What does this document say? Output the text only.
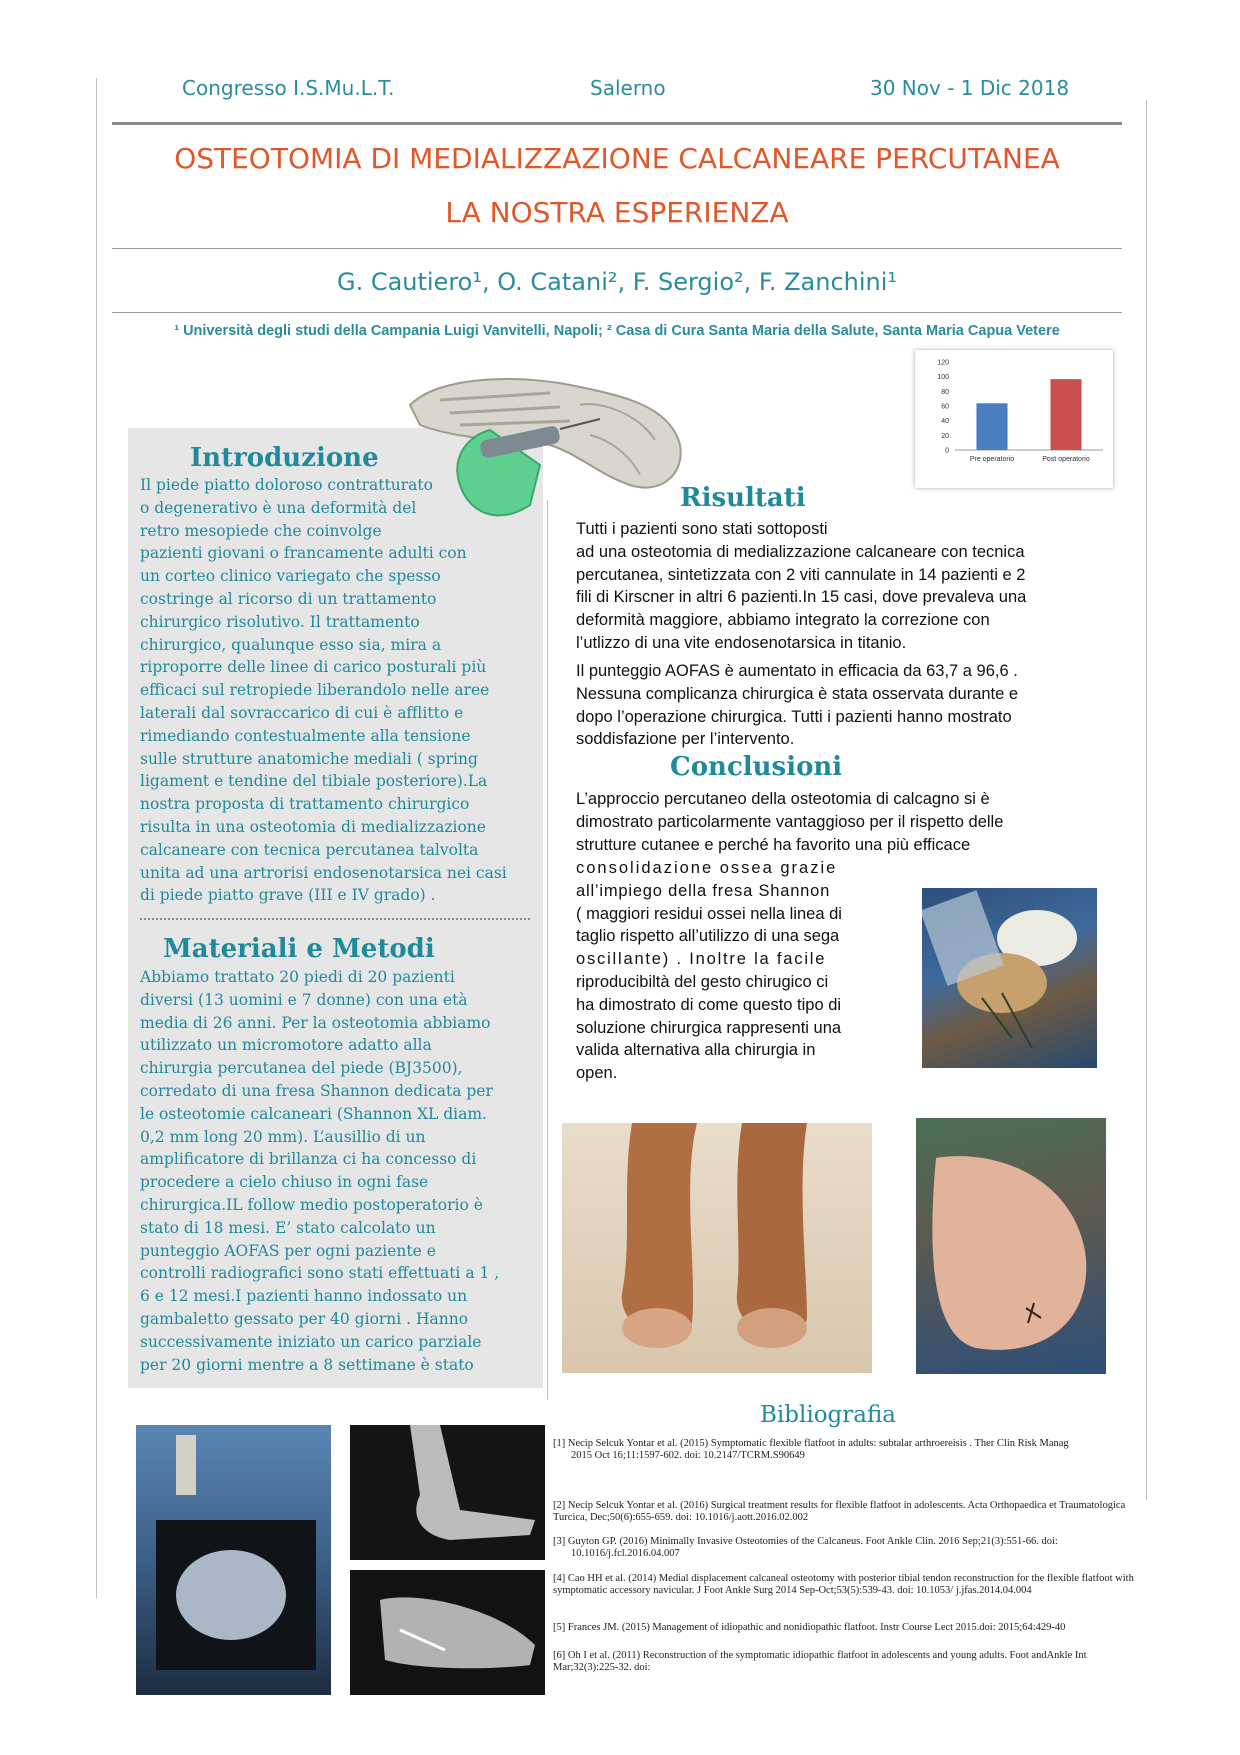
Congresso I.S.Mu.L.T.	Salerno	30 Nov - 1 Dic 2018
OSTEOTOMIA DI MEDIALIZZAZIONE CALCANEARE PERCUTANEA
LA NOSTRA ESPERIENZA
G. Cautiero¹, O. Catani², F. Sergio², F. Zanchini¹
¹ Università degli studi della Campania Luigi Vanvitelli, Napoli; ² Casa di Cura Santa Maria della Salute, Santa Maria Capua Vetere
Introduzione

Il piede piatto doloroso contratturato

o degenerativo è una deformità del

retro mesopiede che coinvolge

pazienti giovani o francamente adulti con

un corteo clinico variegato che spesso

costringe al ricorso di un trattamento

chirurgico risolutivo. Il trattamento

chirurgico, qualunque esso sia, mira a

riproporre delle linee di carico posturali più

efficaci sul retropiede liberandolo nelle aree

laterali dal sovraccarico di cui è afflitto e

rimediando contestualmente alla tensione

sulle strutture anatomiche mediali ( spring

ligament e tendine del tibiale posteriore).La

nostra proposta di trattamento chirurgico

risulta in una osteotomia di medializzazione

calcaneare con tecnica percutanea talvolta

unita ad una artrorisi endosenotarsica nei casi

di piede piatto grave (III e IV grado) .

Materiali e Metodi

Abbiamo trattato 20 piedi di 20 pazienti

diversi (13 uomini e 7 donne) con una età

media di 26 anni. Per la osteotomia abbiamo

utilizzato un micromotore adatto alla

chirurgia percutanea del piede (BJ3500),

corredato di una fresa Shannon dedicata per

le osteotomie calcaneari (Shannon XL diam.

0,2 mm long 20 mm). L’ausillio di un

amplificatore di brillanza ci ha concesso di

procedere a cielo chiuso in ogni fase

chirurgica.IL follow medio postoperatorio è

stato di 18 mesi. E’ stato calcolato un

punteggio AOFAS per ogni paziente e

controlli radiografici sono stati effettuati a 1 ,

6 e 12 mesi.I pazienti hanno indossato un

gambaletto gessato per 40 giorni . Hanno

successivamente iniziato un carico parziale

per 20 giorni mentre a 8 settimane è stato

0
20
40
60
80
100
120
Pre operatorio	Post operatorio
Risultati

Tutti i pazienti sono stati sottoposti

ad una osteotomia di medializzazione calcaneare con tecnica

percutanea, sintetizzata con 2 viti cannulate in 14 pazienti e 2

fili di Kirscner in altri 6 pazienti.In 15 casi, dove prevaleva una

deformità maggiore, abbiamo integrato la correzione con

l’utlizzo di una vite endosenotarsica in titanio.

Il punteggio AOFAS è aumentato in efficacia da 63,7 a 96,6 .

Nessuna complicanza chirurgica è stata osservata durante e

dopo l’operazione chirurgica. Tutti i pazienti hanno mostrato

soddisfazione per l’intervento.

Conclusioni

L’approccio percutaneo della osteotomia di calcagno si è

dimostrato particolarmente vantaggioso per il rispetto delle

strutture cutanee e perché ha favorito una più efficace

consolidazione ossea grazie

all’impiego della fresa Shannon

( maggiori residui ossei nella linea di

taglio rispetto all’utilizzo di una sega

oscillante) . Inoltre la facile

riproducibiltà del gesto chirugico ci

ha dimostrato di come questo tipo di

soluzione chirurgica rappresenti una

valida alternativa alla chirurgia in

open.

Bibliografia
[1] Necip Selcuk Yontar et al. (2015) Symptomatic flexible flatfoot in adults: subtalar arthroereisis . Ther Clin Risk Manag
2015 Oct 16;11:1597-602. doi: 10.2147/TCRM.S90649
[2] Necip Selcuk Yontar et al. (2016) Surgical treatment results for flexible flatfoot in adolescents. Acta Orthopaedica et Traumatologica Turcica, Dec;50(6):655-659. doi: 10.1016/j.aott.2016.02.002
[3] Guyton GP. (2016) Minimally Invasive Osteotomies of the Calcaneus. Foot Ankle Clin. 2016 Sep;21(3):551-66. doi:
10.1016/j.fcl.2016.04.007
[4] Cao HH et al. (2014) Medial displacement calcaneal osteotomy with posterior tibial tendon reconstruction for the flexible flatfoot with symptomatic accessory navicular. J Foot Ankle Surg 2014 Sep-Oct;53(5):539-43. doi: 10.1053/ j.jfas.2014.04.004
[5] Frances JM. (2015) Management of idiopathic and nonidiopathic flatfoot. Instr Course Lect 2015.doi: 2015;64:429-40
[6] Oh I et al. (2011) Reconstruction of the symptomatic idiopathic flatfoot in adolescents and young adults. Foot andAnkle Int Mar;32(3):225-32. doi:
